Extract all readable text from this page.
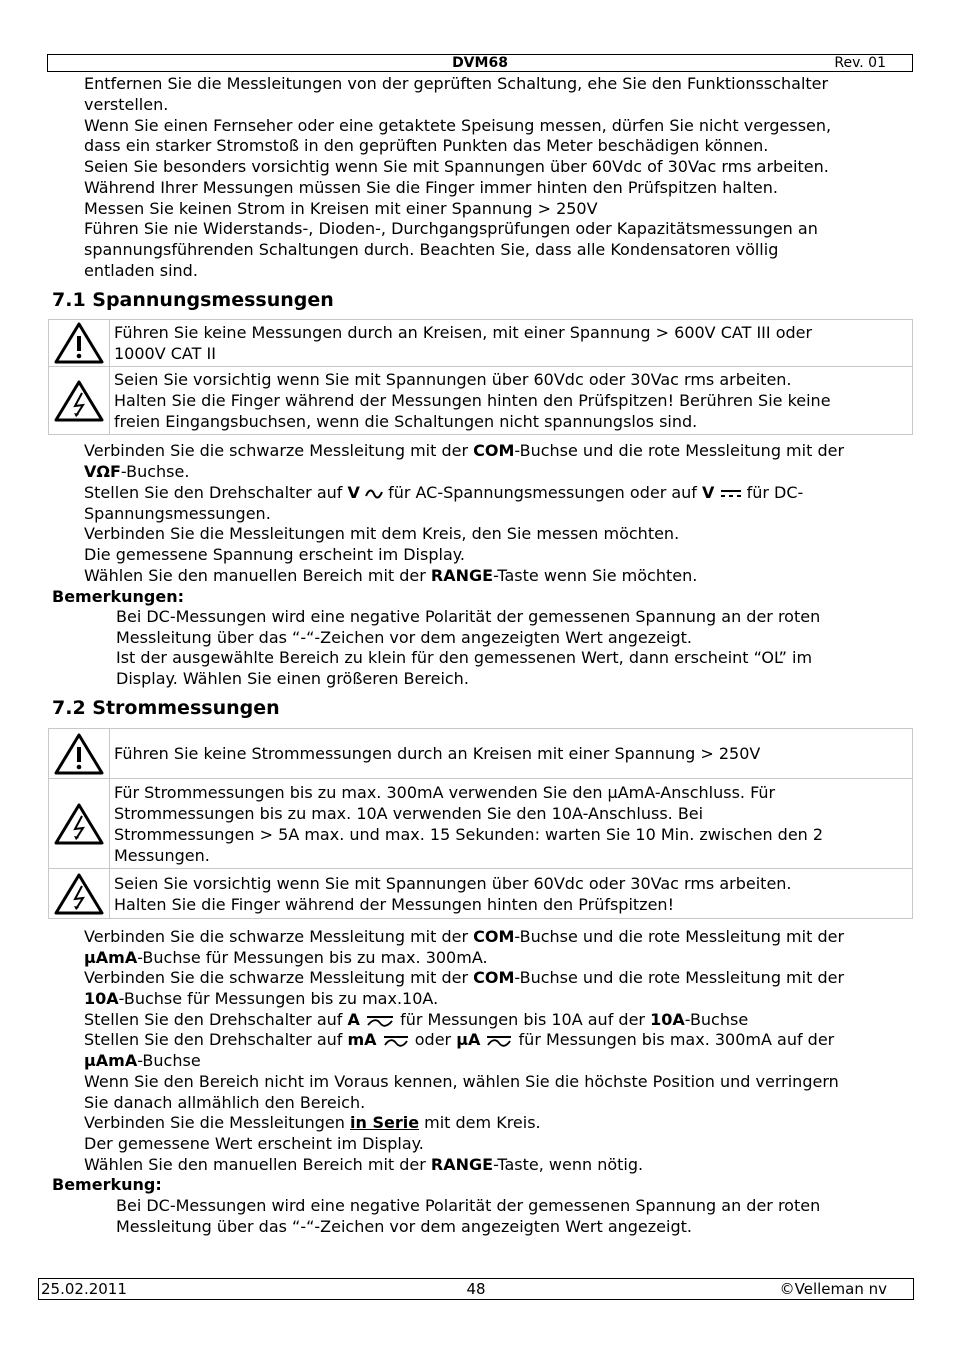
DVM68	Rev. 01
Entfernen Sie die Messleitungen von der geprüften Schaltung, ehe Sie den Funktionsschalter
verstellen.
Wenn Sie einen Fernseher oder eine getaktete Speisung messen, dürfen Sie nicht vergessen,
dass ein starker Stromstoß in den geprüften Punkten das Meter beschädigen können.
Seien Sie besonders vorsichtig wenn Sie mit Spannungen über 60Vdc of 30Vac rms arbeiten.
Während Ihrer Messungen müssen Sie die Finger immer hinten den Prüfspitzen halten.
Messen Sie keinen Strom in Kreisen mit einer Spannung > 250V
Führen Sie nie Widerstands-, Dioden-, Durchgangsprüfungen oder Kapazitätsmessungen an
spannungsführenden Schaltungen durch. Beachten Sie, dass alle Kondensatoren völlig
entladen sind.
7.1 Spannungsmessungen

Führen Sie keine Messungen durch an Kreisen, mit einer Spannung > 600V CAT III oder
1000V CAT II

Seien Sie vorsichtig wenn Sie mit Spannungen über 60Vdc oder 30Vac rms arbeiten.
Halten Sie die Finger während der Messungen hinten den Prüfspitzen! Berühren Sie keine
freien Eingangsbuchsen, wenn die Schaltungen nicht spannungslos sind.
Verbinden Sie die schwarze Messleitung mit der COM-Buchse und die rote Messleitung mit der
VΩF-Buchse.
Stellen Sie den Drehschalter auf V  für AC-Spannungsmessungen oder auf V  für DC-
Spannungsmessungen.
Verbinden Sie die Messleitungen mit dem Kreis, den Sie messen möchten.
Die gemessene Spannung erscheint im Display.
Wählen Sie den manuellen Bereich mit der RANGE-Taste wenn Sie möchten.
Bemerkungen:
Bei DC-Messungen wird eine negative Polarität der gemessenen Spannung an der roten
Messleitung über das “-“-Zeichen vor dem angezeigten Wert angezeigt.
Ist der ausgewählte Bereich zu klein für den gemessenen Wert, dann erscheint “OL” im
Display. Wählen Sie einen größeren Bereich.
7.2 Strommessungen

Führen Sie keine Strommessungen durch an Kreisen mit einer Spannung > 250V

Für Strommessungen bis zu max. 300mA verwenden Sie den µAmA-Anschluss. Für
Strommessungen bis zu max. 10A verwenden Sie den 10A-Anschluss. Bei
Strommessungen > 5A max. und max. 15 Sekunden: warten Sie 10 Min. zwischen den 2
Messungen.

Seien Sie vorsichtig wenn Sie mit Spannungen über 60Vdc oder 30Vac rms arbeiten.
Halten Sie die Finger während der Messungen hinten den Prüfspitzen!
Verbinden Sie die schwarze Messleitung mit der COM-Buchse und die rote Messleitung mit der
µAmA-Buchse für Messungen bis zu max. 300mA.
Verbinden Sie die schwarze Messleitung mit der COM-Buchse und die rote Messleitung mit der
10A-Buchse für Messungen bis zu max.10A.
Stellen Sie den Drehschalter auf A  für Messungen bis 10A auf der 10A-Buchse
Stellen Sie den Drehschalter auf mA  oder µA  für Messungen bis max. 300mA auf der
µAmA-Buchse
Wenn Sie den Bereich nicht im Voraus kennen, wählen Sie die höchste Position und verringern
Sie danach allmählich den Bereich.
Verbinden Sie die Messleitungen in Serie mit dem Kreis.
Der gemessene Wert erscheint im Display.
Wählen Sie den manuellen Bereich mit der RANGE-Taste, wenn nötig.
Bemerkung:
Bei DC-Messungen wird eine negative Polarität der gemessenen Spannung an der roten
Messleitung über das “-“-Zeichen vor dem angezeigten Wert angezeigt.
25.02.2011	48	©Velleman nv
